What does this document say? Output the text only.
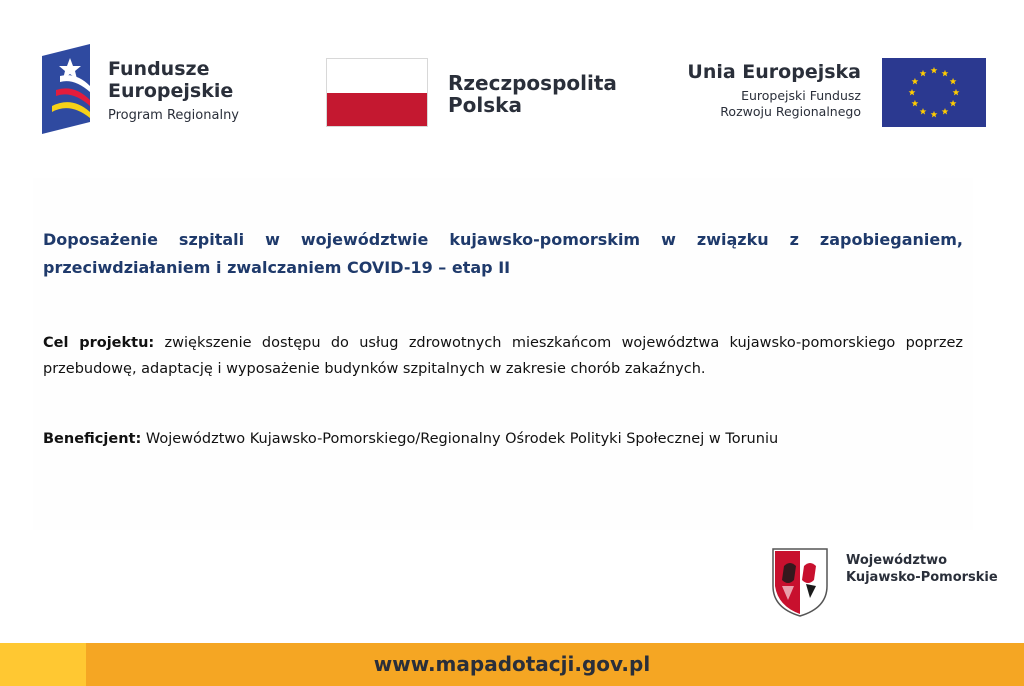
Fundusze
Europejskie
Program Regionalny
Rzeczpospolita
Polska
Unia Europejska
Europejski Fundusz
Rozwoju Regionalnego
Doposażenie szpitali w województwie kujawsko-pomorskim w związku z zapobieganiem, przeciwdziałaniem i zwalczaniem COVID-19 – etap II
Cel projektu: zwiększenie dostępu do usług zdrowotnych mieszkańcom województwa kujawsko-pomorskiego poprzez przebudowę, adaptację i wyposażenie budynków szpitalnych w zakresie chorób zakaźnych.
Beneficjent: Województwo Kujawsko-Pomorskiego/Regionalny Ośrodek Polityki Społecznej w Toruniu
Województwo
Kujawsko-Pomorskie
www.mapadotacji.gov.pl
